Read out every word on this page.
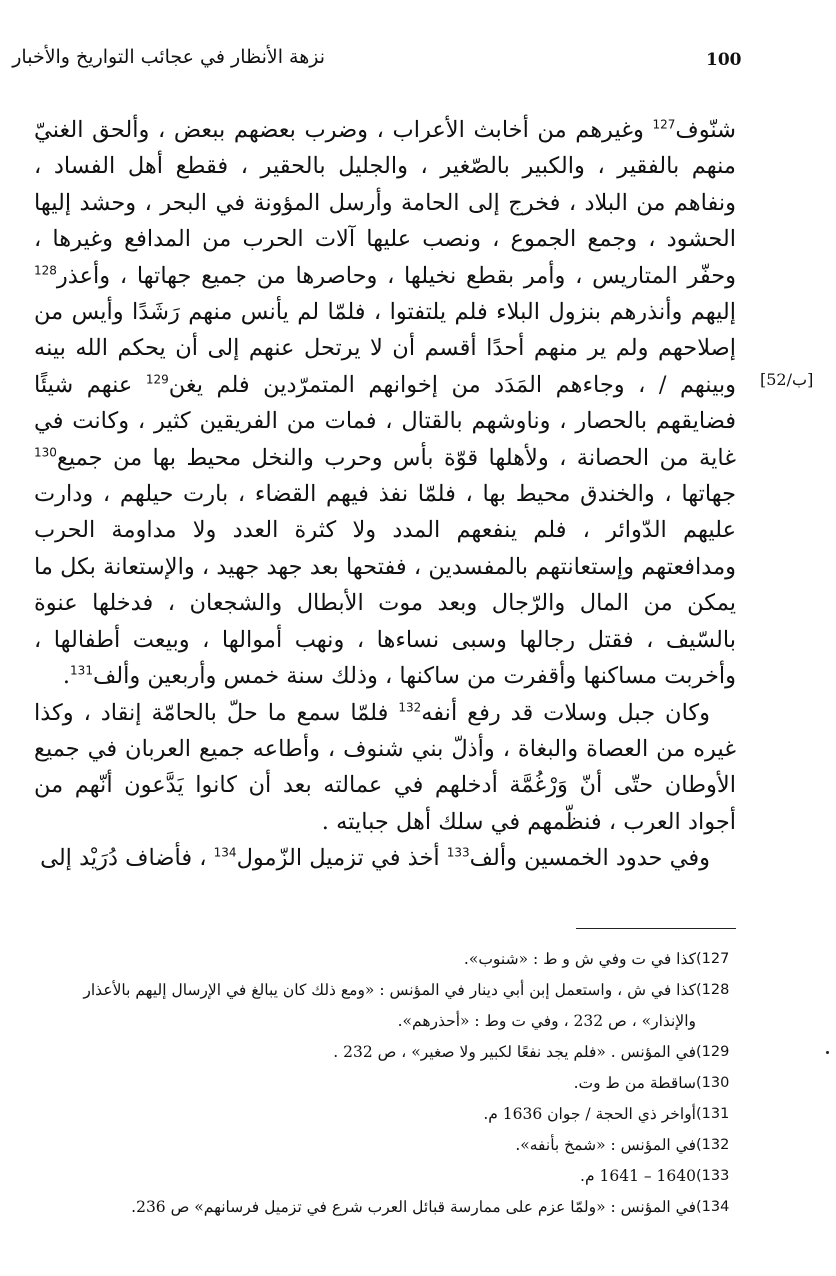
نزهة الأنظار في عجائب التواريخ والأخبار	100
[52/ب]

شنّوف$^{127}$ وغيرهم من أخابث الأعراب ، وضرب بعضهم ببعض ، وألحق الغنيّ منهم بالفقير ، والكبير بالصّغير ، والجليل بالحقير ، فقطع أهل الفساد ، ونفاهم من البلاد ، فخرج إلى الحامة وأرسل المؤونة في البحر ، وحشد إليها الحشود ، وجمع الجموع ، ونصب عليها آلات الحرب من المدافع وغيرها ، وحفّر المتاريس ، وأمر بقطع نخيلها ، وحاصرها من جميع جهاتها ، وأعذر$^{128}$ إليهم وأنذرهم بنزول البلاء فلم يلتفتوا ، فلمّا لم يأنس منهم رَشَدًا وأيس من إصلاحهم ولم ير منهم أحدًا أقسم أن لا يرتحل عنهم إلى أن يحكم الله بينه وبينهم / ، وجاءهم المَدَد من إخوانهم المتمرّدين فلم يغن$^{129}$ عنهم شيئًا فضايقهم بالحصار ، وناوشهم بالقتال ، فمات من الفريقين كثير ، وكانت في غاية من الحصانة ، ولأهلها قوّة بأس وحرب والنخل محيط بها من جميع$^{130}$ جهاتها ، والخندق محيط بها ، فلمّا نفذ فيهم القضاء ، بارت حيلهم ، ودارت عليهم الدّوائر ، فلم ينفعهم المدد ولا كثرة العدد ولا مداومة الحرب ومدافعتهم وإستعانتهم بالمفسدين ، ففتحها بعد جهد جهيد ، والإستعانة بكل ما يمكن من المال والرّجال وبعد موت الأبطال والشجعان ، فدخلها عنوة بالسّيف ، فقتل رجالها وسبى نساءها ، ونهب أموالها ، وبيعت أطفالها ، وأخربت مساكنها وأقفرت من ساكنها ، وذلك سنة خمس وأربعين وألف$^{131}$.

وكان جبل وسلات قد رفع أنفه$^{132}$ فلمّا سمع ما حلّ بالحامّة إنقاد ، وكذا غيره من العصاة والبغاة ، وأذلّ بني شنوف ، وأطاعه جميع العربان في جميع الأوطان حتّى أنّ وَرْغُمَّة أدخلهم في عمالته بعد أن كانوا يَدَّعون أنّهم من أجواد العرب ، فنظّمهم في سلك أهل جبايته .

وفي حدود الخمسين وألف$^{133}$ أخذ في تزميل الزّمول$^{134}$ ، فأضاف دُرَيْد إلى

(127
كذا في ت وفي ش و ط : «شنوب».
(128
كذا في ش ، واستعمل إبن أبي دينار في المؤنس : «ومع ذلك كان يبالغ في الإرسال إليهم بالأعذار والإنذار» ، ص 232 ، وفي ت وط : «أحذرهم».
(129
في المؤنس . «فلم يجد نفعًا لكبير ولا صغير» ، ص 232 .
(130
ساقطة من ط وت.
(131
أواخر ذي الحجة / جوان 1636 م.
(132
في المؤنس : «شمخ بأنفه».
(133
1640 – 1641 م.
(134
في المؤنس : «ولمّا عزم على ممارسة قبائل العرب شرع في تزميل فرسانهم» ص 236.
